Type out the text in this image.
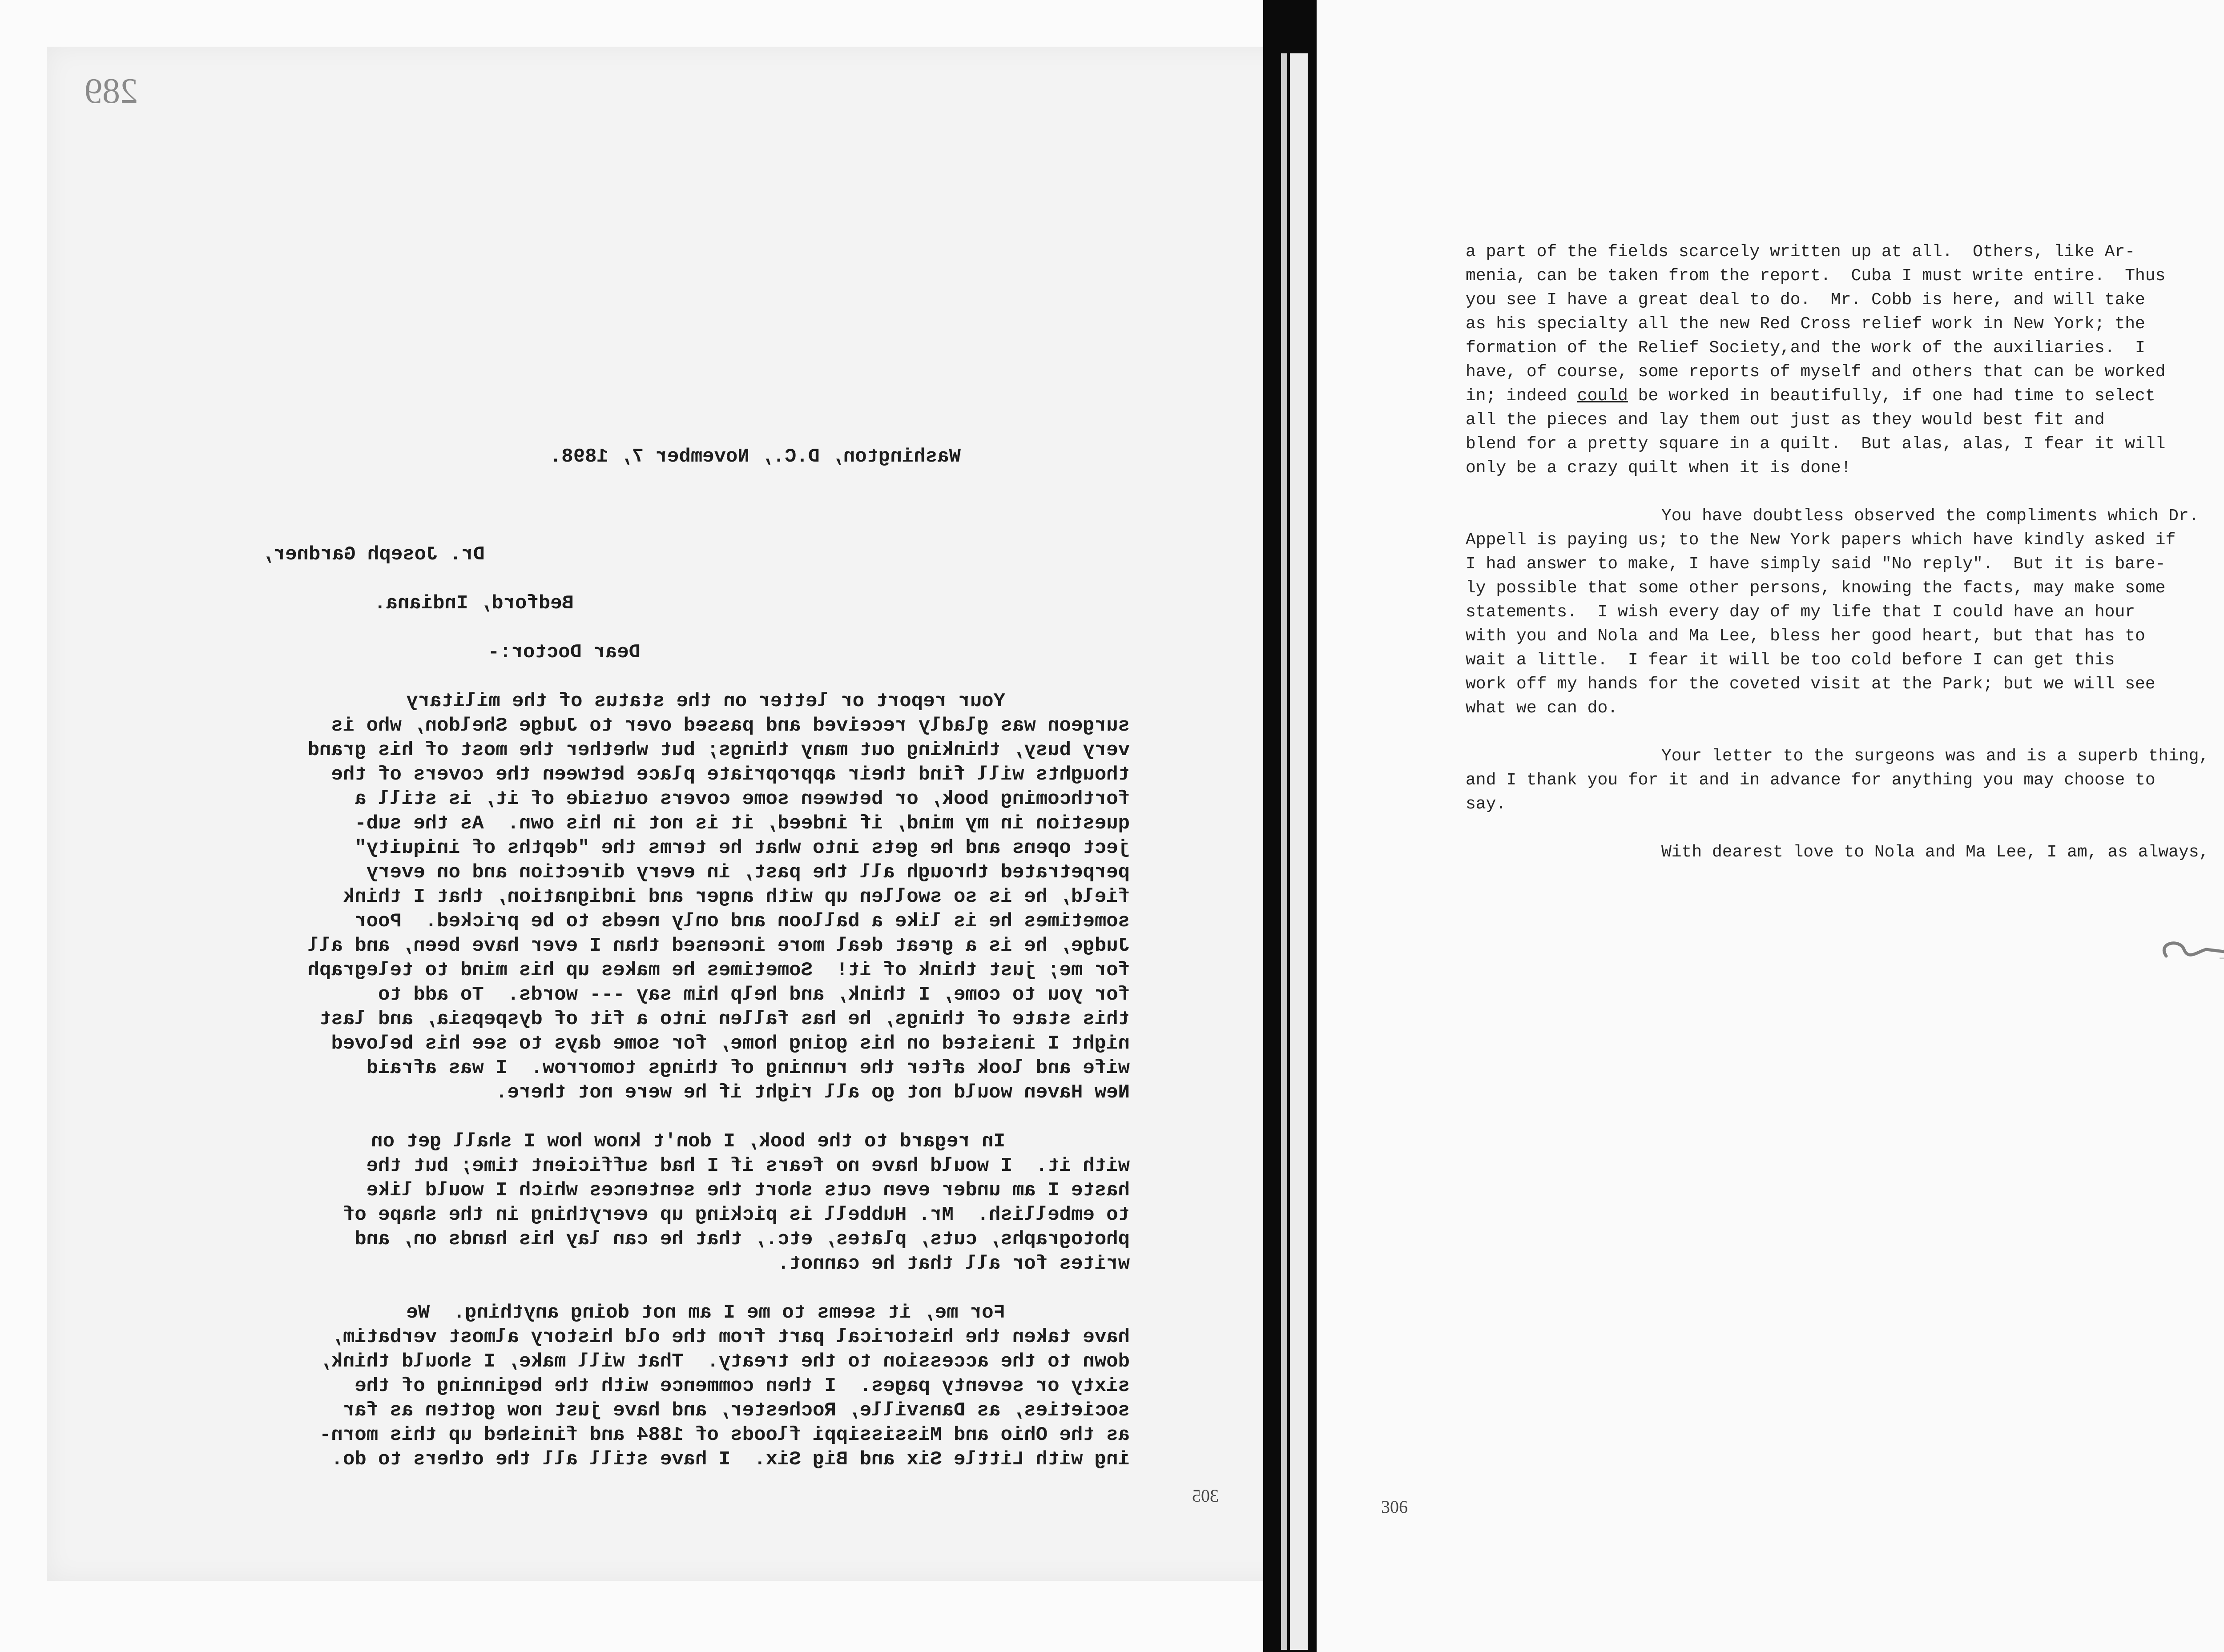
289
Washington, D.C., November 7, 1898.
Dr. Joseph Gardner,
Bedford, Indiana.
Dear Doctor:-
Your report or letter on the status of the military
surgeon was gladly received and passed over to Judge Sheldon, who is
very busy, thinking out many things; but whether the most of his grand
thoughts will find their appropriate place between the covers of the
forthcoming book, or between some covers outside of it, is still a
question in my mind, if indeed, it is not in his own.  As the sub-
ject opens and he gets into what he terms the "depths of iniquity"
perpetrated through all the past, in every direction and on every
field, he is so swollen up with anger and indignation, that I think
sometimes he is like a balloon and only needs to be pricked.  Poor
Judge, he is a great deal more incensed than I ever have been, and all
for me; just think of it!  Sometimes he makes up his mind to telegraph
for you to come, I think, and help him say --- words.  To add to
this state of things, he has fallen into a fit of dyspepsia, and last
night I insisted on his going home, for some days to see his beloved
wife and look after the running of things tomorrow.  I was afraid
New Haven would not go all right if he were not there.
In regard to the book, I don't know how I shall get on
with it.  I would have no fears if I had sufficient time; but the
haste I am under even cuts short the sentences which I would like
to embellish.  Mr. Hubbell is picking up everything in the shape of
photographs, cuts, plates, etc., that he can lay his hands on, and
writes for all that he cannot.
For me, it seems to me I am not doing anything.  We
have taken the historical part from the old history almost verbatim,
down to the accession to the treaty.  That will make, I should think,
sixty or seventy pages.  I then commence with the beginning of the
societies, as Dansville, Rochester, and have just now gotten as far
as the Ohio and Mississippi floods of 1884 and finished up this morn-
ing with Little Six and Big Six.  I have still all the others to do.
305
a part of the fields scarcely written up at all.  Others, like Ar-
menia, can be taken from the report.  Cuba I must write entire.  Thus
you see I have a great deal to do.  Mr. Cobb is here, and will take
as his specialty all the new Red Cross relief work in New York; the
formation of the Relief Society,and the work of the auxiliaries.  I
have, of course, some reports of myself and others that can be worked
in; indeed could be worked in beautifully, if one had time to select
all the pieces and lay them out just as they would best fit and
blend for a pretty square in a quilt.  But alas, alas, I fear it will
only be a crazy quilt when it is done!
You have doubtless observed the compliments which Dr.
Appell is paying us; to the New York papers which have kindly asked if
I had answer to make, I have simply said "No reply".  But it is bare-
ly possible that some other persons, knowing the facts, may make some
statements.  I wish every day of my life that I could have an hour
with you and Nola and Ma Lee, bless her good heart, but that has to
wait a little.  I fear it will be too cold before I can get this
work off my hands for the coveted visit at the Park; but we will see
what we can do.
Your letter to the surgeons was and is a superb thing,
and I thank you for it and in advance for anything you may choose to
say.
With dearest love to Nola and Ma Lee, I am, as always,
306
